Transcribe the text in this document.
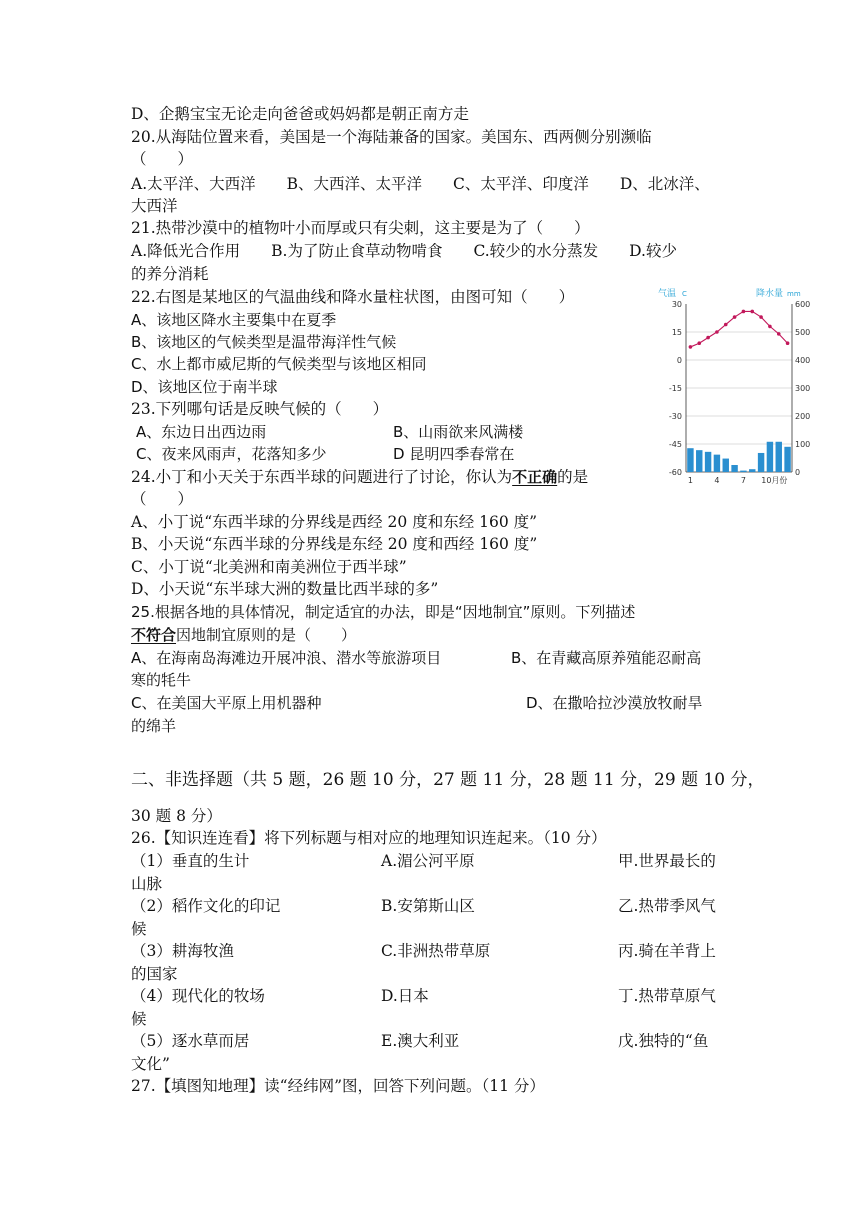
D、企鹅宝宝无论走向爸爸或妈妈都是朝正南方走
20.从海陆位置来看，美国是一个海陆兼备的国家。美国东、西两侧分别濒临
（　　）
A.太平洋、大西洋　　B、大西洋、太平洋　　C、太平洋、印度洋　　D、北冰洋、
大西洋
21.热带沙漠中的植物叶小而厚或只有尖刺，这主要是为了（　　）
A.降低光合作用　　B.为了防止食草动物啃食　　C.较少的水分蒸发　　D.较少
的养分消耗
22.右图是某地区的气温曲线和降水量柱状图，由图可知（　　）
A、该地区降水主要集中在夏季
B、该地区的气候类型是温带海洋性气候
C、水上都市威尼斯的气候类型与该地区相同
D、该地区位于南半球
23.下列哪句话是反映气候的（　　）
A、东边日出西边雨	B、山雨欲来风满楼
C、夜来风雨声，花落知多少	D 昆明四季春常在
24.小丁和小天关于东西半球的问题进行了讨论，你认为不正确的是
（　　）
A、小丁说“东西半球的分界线是西经 20 度和东经 160 度”
B、小天说“东西半球的分界线是东经 20 度和西经 160 度”
C、小丁说“北美洲和南美洲位于西半球”
D、小天说“东半球大洲的数量比西半球的多”
25.根据各地的具体情况，制定适宜的办法，即是“因地制宜”原则。下列描述
不符合因地制宜原则的是（　　）
A、在海南岛海滩边开展冲浪、潜水等旅游项目	B、在青藏高原养殖能忍耐高
寒的牦牛
C、在美国大平原上用机器种	D、在撒哈拉沙漠放牧耐旱
的绵羊
二、非选择题（共 5 题，26 题 10 分，27 题 11 分，28 题 11 分，29 题 10 分，
30 题 8 分）
26.【知识连连看】将下列标题与相对应的地理知识连起来。（10 分）
（1）垂直的生计	A.湄公河平原	甲.世界最长的
山脉
（2）稻作文化的印记	B.安第斯山区	乙.热带季风气
候
（3）耕海牧渔	C.非洲热带草原	丙.骑在羊背上
的国家
（4）现代化的牧场	D.日本	丁.热带草原气
候
（5）逐水草而居	E.澳大利亚	戊.独特的“鱼
文化”
27.【填图知地理】读“经纬网”图，回答下列问题。（11 分）
气温 C	降水量 mm
30	600
15	500
0	400
-15	300
-30	200
-45	100
-60	0
1	4	7 10月份
